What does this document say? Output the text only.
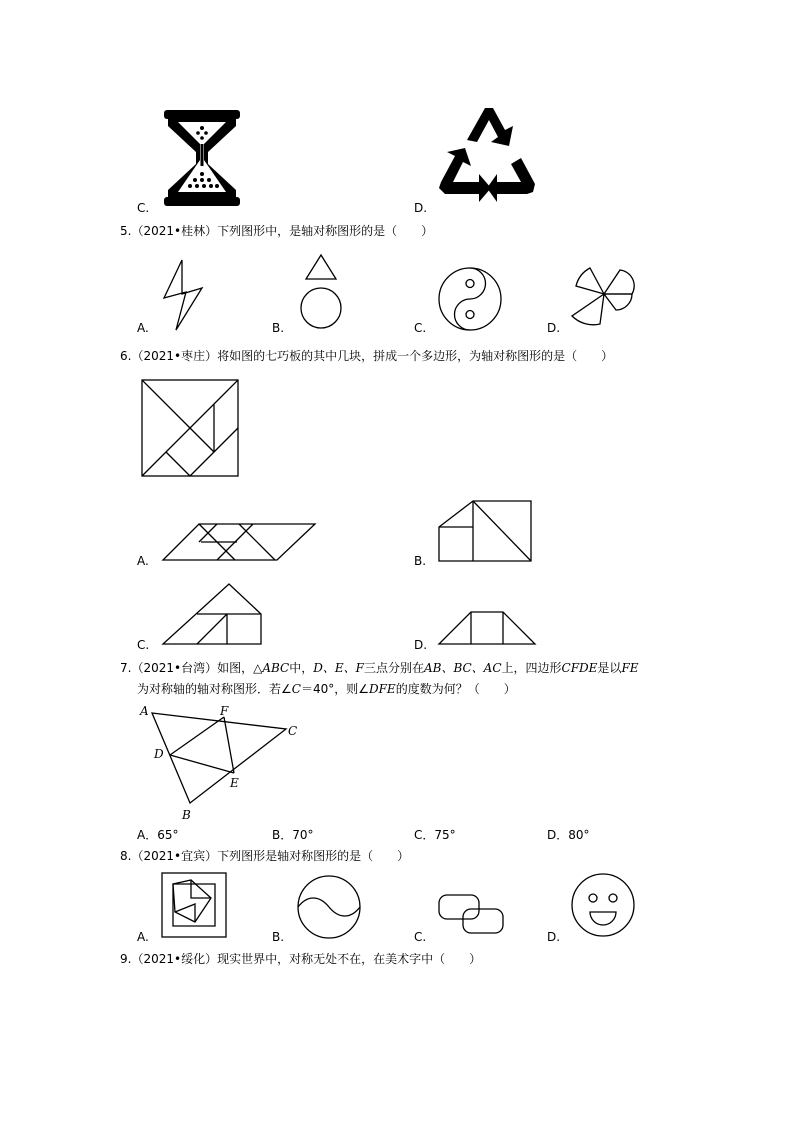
C.	D.
5.（2021•桂林）下列图形中，是轴对称图形的是（　　）
A.	B.	C.	D.
6.（2021•枣庄）将如图的七巧板的其中几块，拼成一个多边形，为轴对称图形的是（　　）
A.	B.
C.	D.
7.（2021•台湾）如图，△ABC中，D、E、F三点分别在AB、BC、AC上，四边形CFDE是以FE
为对称轴的轴对称图形．若∠C＝40°，则∠DFE的度数为何？（　　）
A
B
C
D
E
F
A．65°	B．70°	C．75°	D．80°
8.（2021•宜宾）下列图形是轴对称图形的是（　　）
A.	B.	C.	D.
9.（2021•绥化）现实世界中，对称无处不在，在美术字中（　　）
